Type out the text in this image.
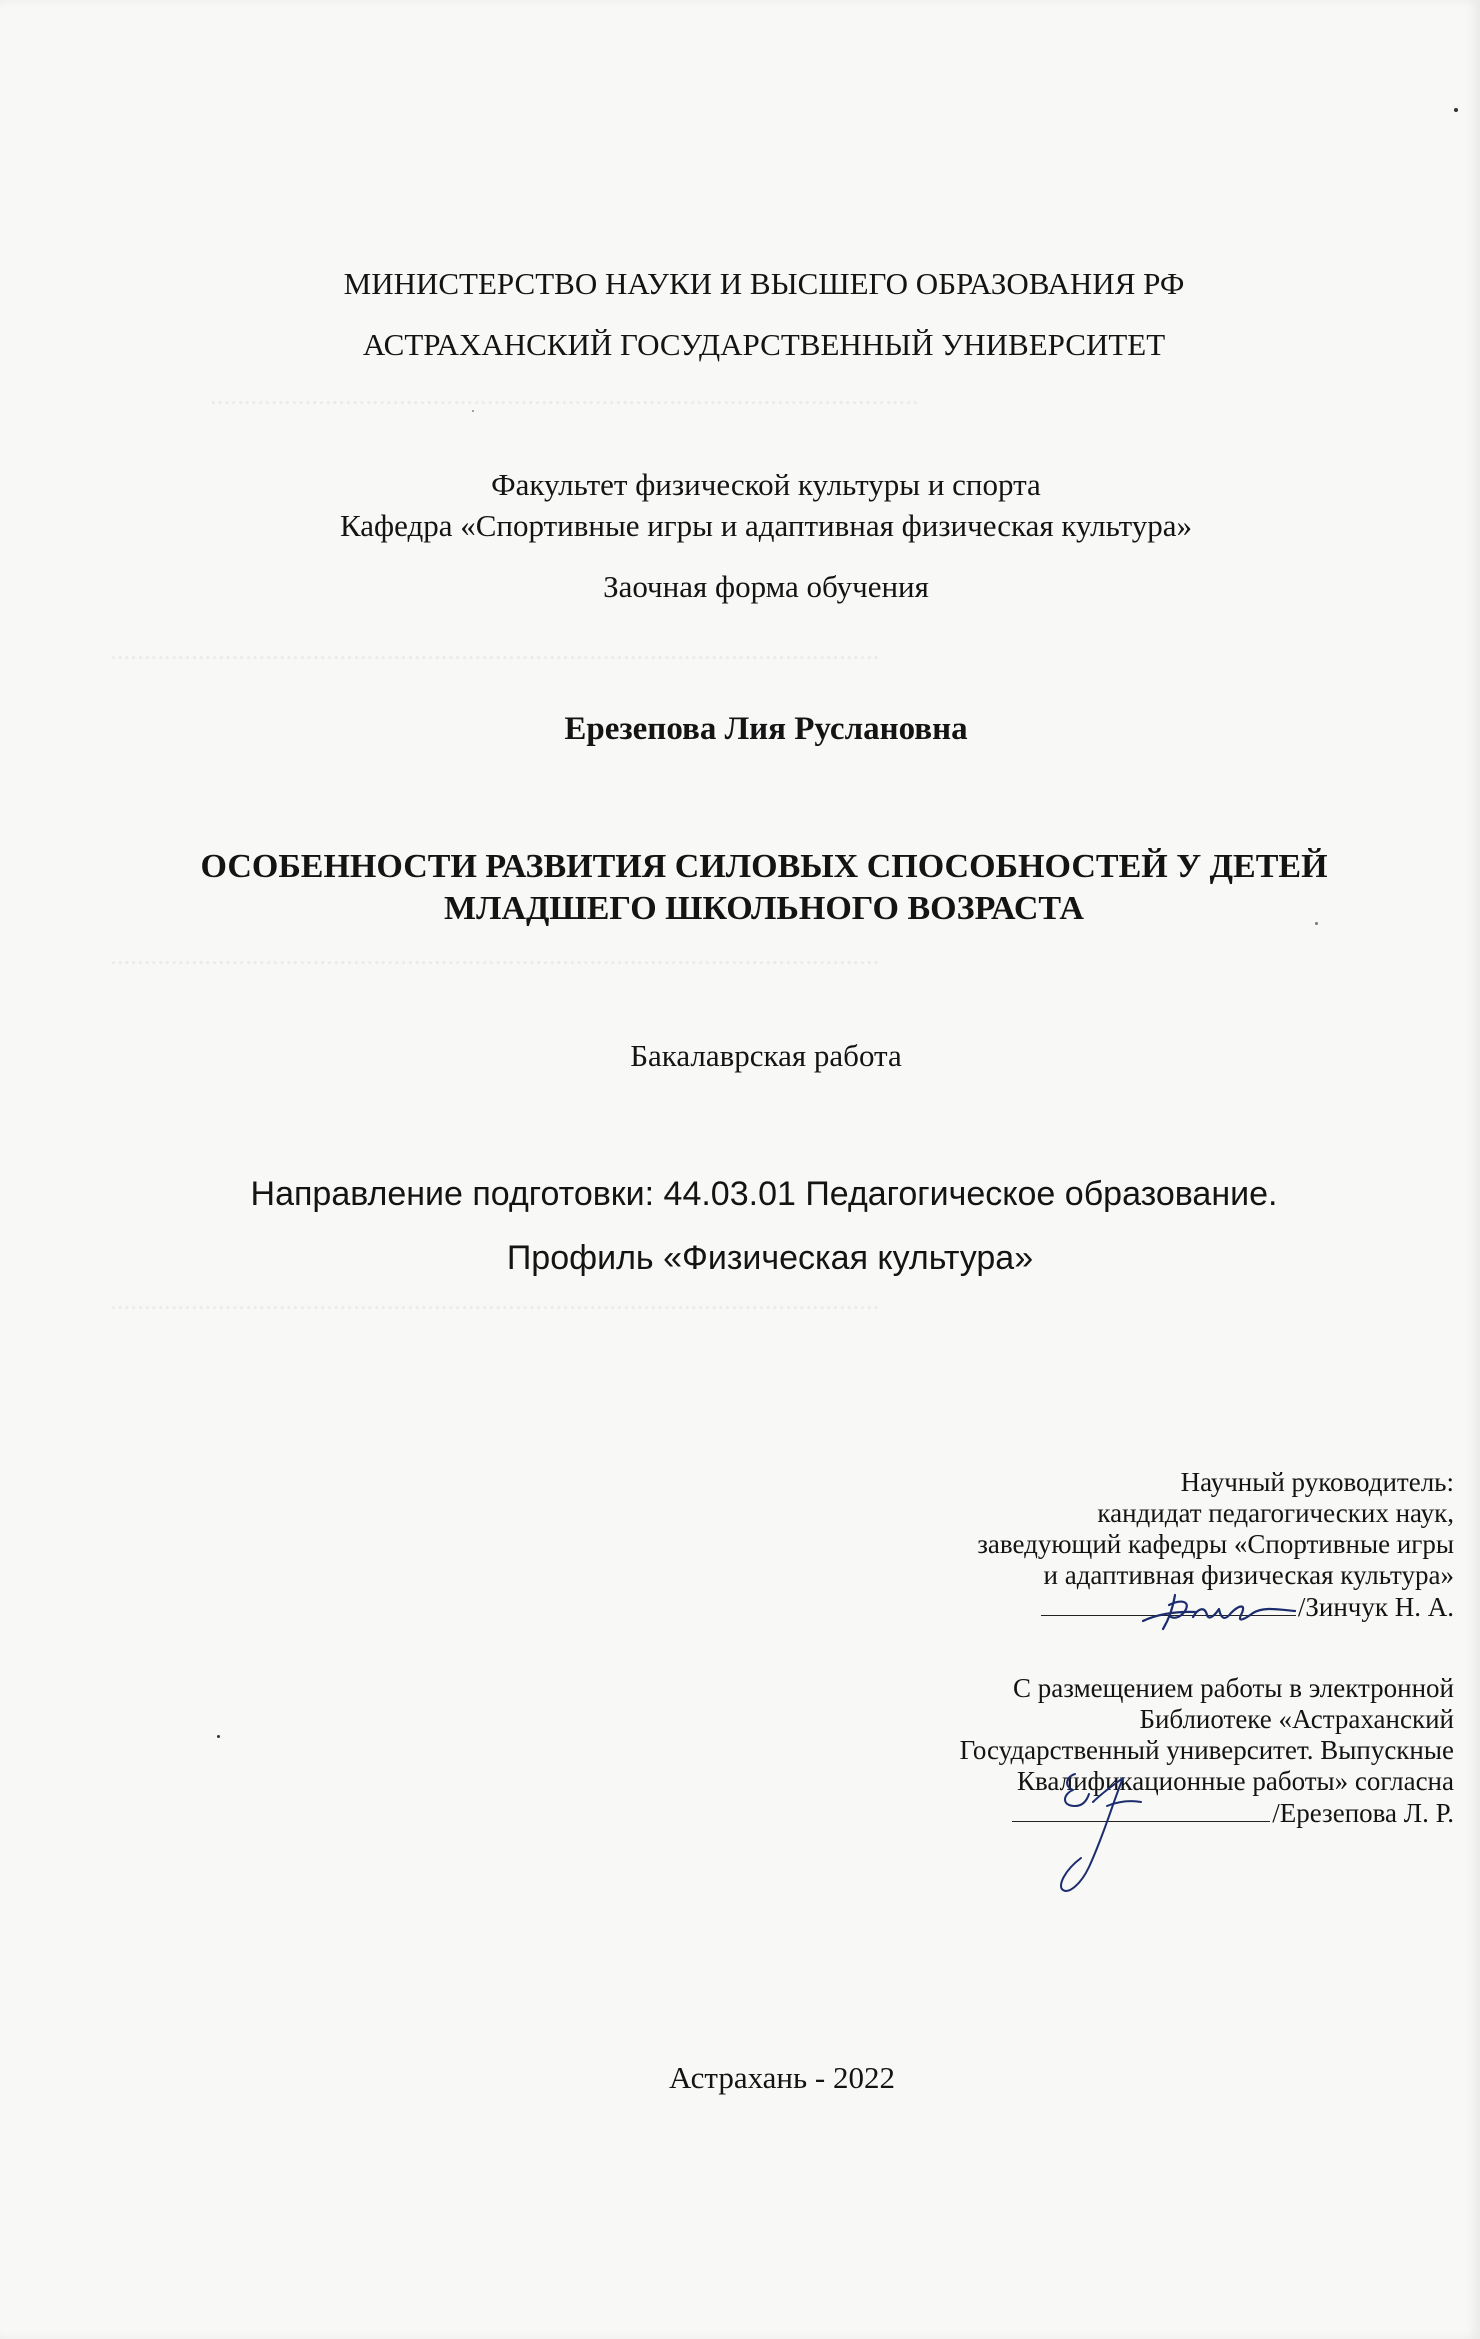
.........................................................................................................
..................................................................................................................
..................................................................................................................
..................................................................................................................
МИНИСТЕРСТВО НАУКИ И ВЫСШЕГО ОБРАЗОВАНИЯ РФ
АСТРАХАНСКИЙ ГОСУДАРСТВЕННЫЙ УНИВЕРСИТЕТ
Факультет физической культуры и спорта
Кафедра «Спортивные игры и адаптивная физическая культура»
Заочная форма обучения
Ерезепова Лия Руслановна
ОСОБЕННОСТИ РАЗВИТИЯ СИЛОВЫХ СПОСОБНОСТЕЙ У ДЕТЕЙ
МЛАДШЕГО ШКОЛЬНОГО ВОЗРАСТА
Бакалаврская работа
Направление подготовки: 44.03.01 Педагогическое образование.
Профиль «Физическая культура»
Научный руководитель:
кандидат педагогических наук,
заведующий кафедры «Спортивные игры
и адаптивная физическая культура»
/Зинчук Н. А.
С размещением работы в электронной
Библиотеке «Астраханский
Государственный университет. Выпускные
Квалификационные работы» согласна
/Ерезепова Л. Р.
Астрахань - 2022
